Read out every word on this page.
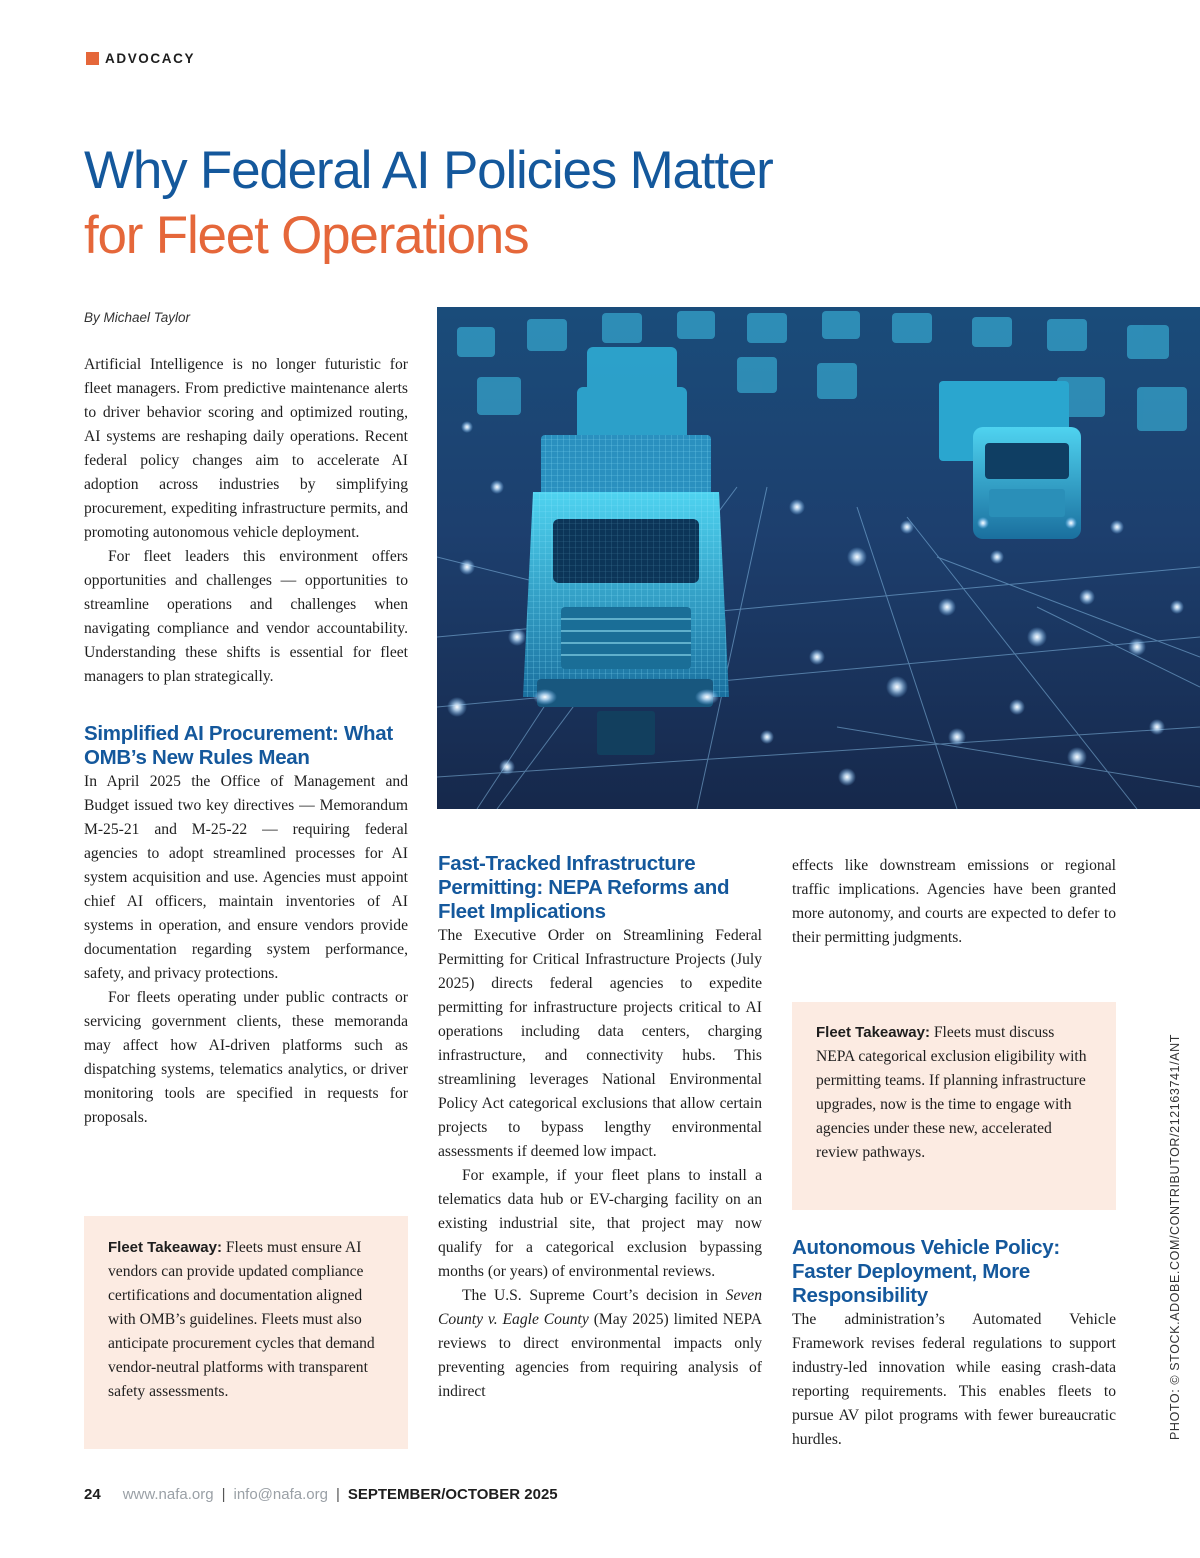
ADVOCACY
Why Federal AI Policies Matter
for Fleet Operations
By Michael Taylor

Artificial Intelligence is no longer futuristic for fleet managers. From predictive maintenance alerts to driver behavior scoring and optimized routing, AI systems are reshaping daily operations. Recent federal policy changes aim to accelerate AI adoption across industries by simplifying procurement, expediting infrastructure permits, and promoting autonomous vehicle deployment.

For fleet leaders this environment offers opportunities and challenges — opportunities to streamline operations and challenges when navigating compliance and vendor accountability. Understanding these shifts is essential for fleet managers to plan strategically.

Simplified AI Procurement: What OMB’s New Rules Mean

In April 2025 the Office of Management and Budget issued two key directives — Memorandum M-25-21 and M-25-22 — requiring federal agencies to adopt streamlined processes for AI system acquisition and use. Agencies must appoint chief AI officers, maintain inventories of AI systems in operation, and ensure vendors provide documentation regarding system performance, safety, and privacy protections.

For fleets operating under public contracts or servicing government clients, these memoranda may affect how AI-driven platforms such as dispatching systems, telematics analytics, or driver monitoring tools are specified in requests for proposals.

Fleet Takeaway: Fleets must ensure AI vendors can provide updated compliance certifications and documentation aligned with OMB’s guidelines. Fleets must also anticipate procurement cycles that demand vendor-neutral platforms with transparent safety assessments.

Fast-Tracked Infrastructure Permitting: NEPA Reforms and Fleet Implications

The Executive Order on Streamlining Federal Permitting for Critical Infrastructure Projects (July 2025) directs federal agencies to expedite permitting for infrastructure projects critical to AI operations including data centers, charging infrastructure, and connectivity hubs. This streamlining leverages National Environmental Policy Act categorical exclusions that allow certain projects to bypass lengthy environmental assessments if deemed low impact.

For example, if your fleet plans to install a telematics data hub or EV-charging facility on an existing industrial site, that project may now qualify for a categorical exclusion bypassing months (or years) of environmental reviews.

The U.S. Supreme Court’s decision in Seven County v. Eagle County (May 2025) limited NEPA reviews to direct environmental impacts only preventing agencies from requiring analysis of indirect

effects like downstream emissions or regional traffic implications. Agencies have been granted more autonomy, and courts are expected to defer to their permitting judgments.

Fleet Takeaway: Fleets must discuss NEPA categorical exclusion eligibility with permitting teams. If planning infrastructure upgrades, now is the time to engage with agencies under these new, accelerated review pathways.

Autonomous Vehicle Policy: Faster Deployment, More Responsibility

The administration’s Automated Vehicle Framework revises federal regulations to support industry-led innovation while easing crash-data reporting requirements. This enables fleets to pursue AV pilot programs with fewer bureaucratic hurdles.	PHOTO: © STOCK.ADOBE.COM/CONTRIBUTOR/212163741/ANT
24 www.nafa.org | info@nafa.org | SEPTEMBER/OCTOBER 2025
